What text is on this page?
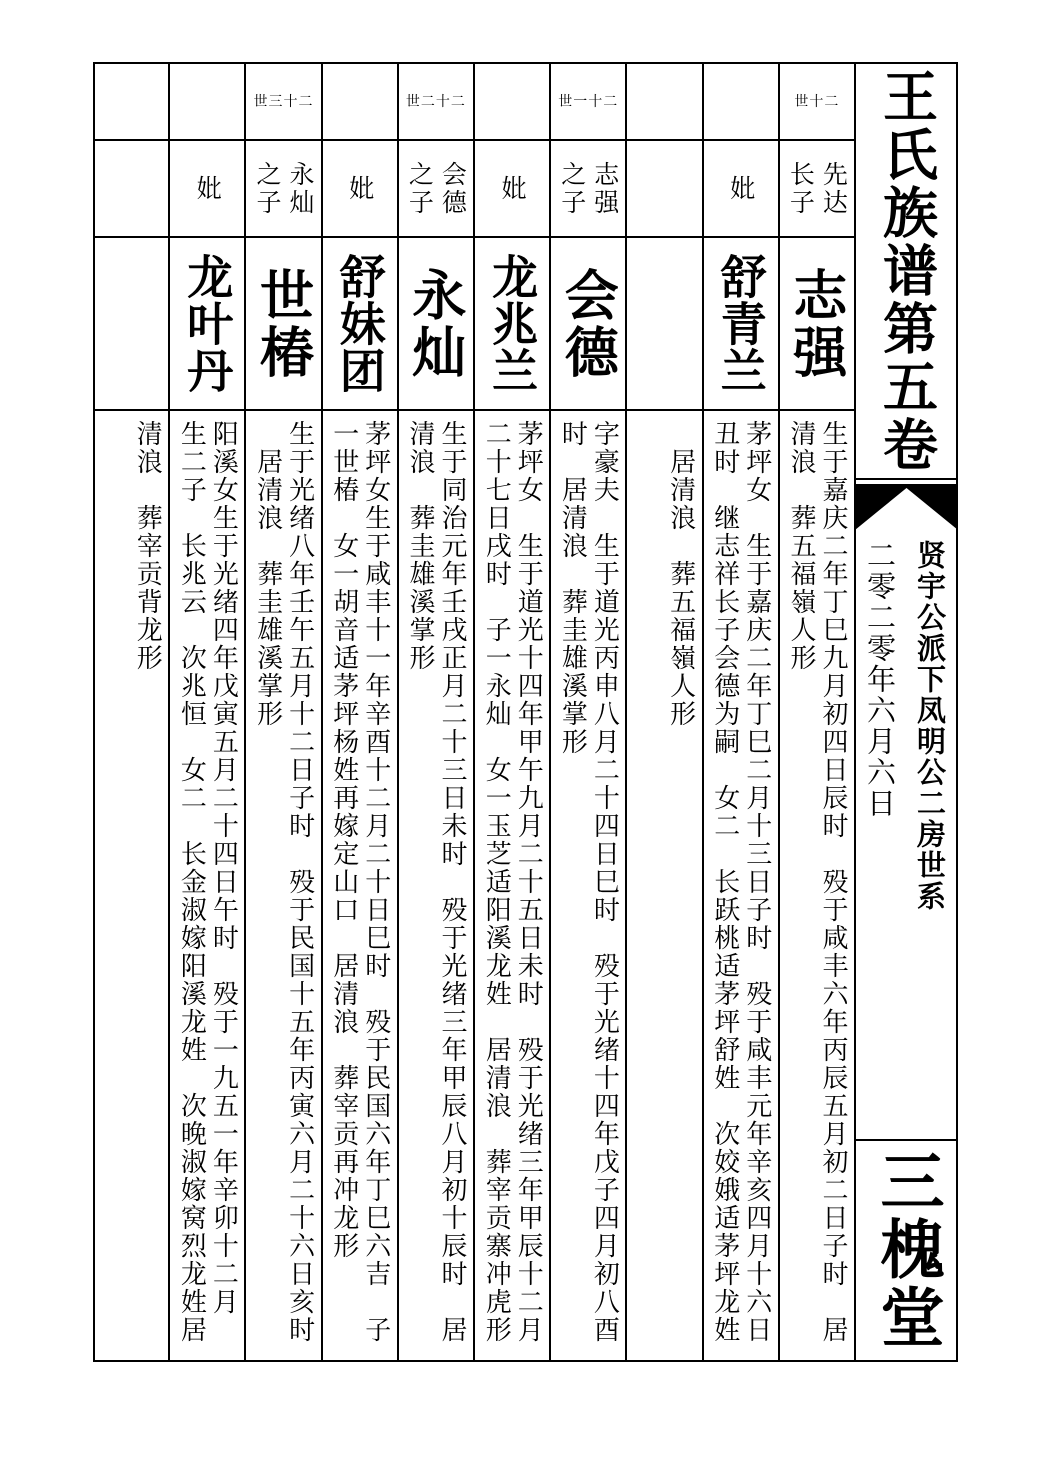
王氏族谱第五卷
贤宇公派下凤明公二房世系
二零二零年六月六日
三槐堂
世十二
先达
长子
志强
生于嘉庆二年丁巳九月初四日辰时　殁于咸丰六年丙辰五月初二日子时　居
清浪　葬五福嶺人形
妣
舒青兰
茅坪女　生于嘉庆二年丁巳二月十三日子时　殁于咸丰元年辛亥四月十六日
丑时　继志祥长子会德为嗣　女二　长跃桃适茅坪舒姓　次姣娥适茅坪龙姓
居清浪　葬五福嶺人形
世一十二
志强
之子
会德
字豪夫　生于道光丙申八月二十四日巳时　殁于光绪十四年戊子四月初八酉
时　居清浪　葬圭雄溪掌形
妣
龙兆兰
茅坪女　生于道光十四年甲午九月二十五日未时　殁于光绪三年甲辰十二月
二十七日戌时　子一永灿　女一玉芝适阳溪龙姓　居清浪　葬宰贡寨冲虎形
世二十二
会德
之子
永灿
生于同治元年壬戌正月二十三日未时　殁于光绪三年甲辰八月初十辰时　居
清浪　葬圭雄溪掌形
妣
舒妹团
茅坪女生于咸丰十一年辛酉十二月二十日巳时　殁于民国六年丁巳六吉　子
一世椿　女一胡音适茅坪杨姓再嫁定山口　居清浪　葬宰贡再冲龙形
世三十二
永灿
之子
世椿
生于光绪八年壬午五月十二日子时　殁于民国十五年丙寅六月二十六日亥时
居清浪　葬圭雄溪掌形
妣
龙叶丹
阳溪女生于光绪四年戊寅五月二十四日午时　殁于一九五一年辛卯十二月
生二子　长兆云　次兆恒　女二　长金淑嫁阳溪龙姓　次晚淑嫁窝烈龙姓居
清浪　葬宰贡背龙形
